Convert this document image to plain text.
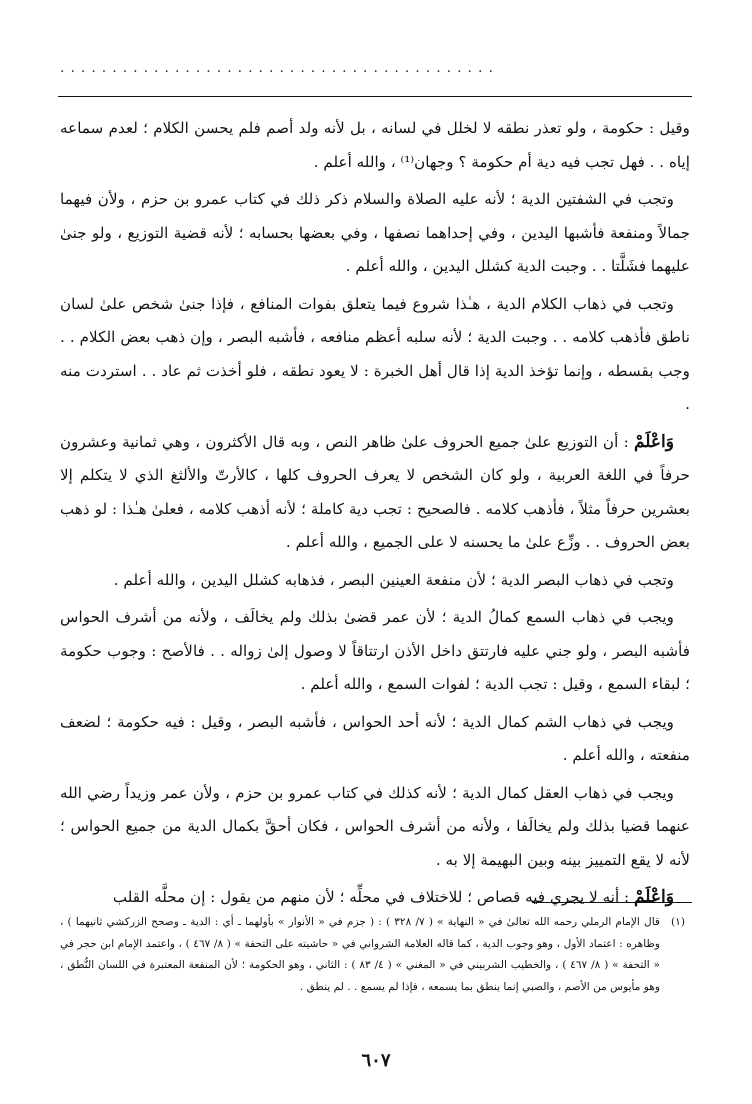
..........................................

وقيل : حكومة ، ولو تعذر نطقه لا لخلل في لسانه ، بل لأنه ولد أصم فلم يحسن الكلام ؛ لعدم سماعه إياه . . فهل تجب فيه دية أم حكومة ؟ وجهان⁽¹⁾ ، والله أعلم .

وتجب في الشفتين الدية ؛ لأنه عليه الصلاة والسلام ذكر ذلك في كتاب عمرو بن حزم ، ولأن فيهما جمالاً ومنفعة فأشبها اليدين ، وفي إحداهما نصفها ، وفي بعضها بحسابه ؛ لأنه قضية التوزيع ، ولو جنىٰ عليهما فشَلَّتا . . وجبت الدية كشلل اليدين ، والله أعلم .

وتجب في ذهاب الكلام الدية ، هـٰذا شروع فيما يتعلق بفوات المنافع ، فإذا جنىٰ شخص علىٰ لسان ناطق فأذهب كلامه . . وجبت الدية ؛ لأنه سلبه أعظم منافعه ، فأشبه البصر ، وإن ذهب بعض الكلام . . وجب بقسطه ، وإنما تؤخذ الدية إذا قال أهل الخبرة : لا يعود نطقه ، فلو أخذت ثم عاد . . استردت منه .

وَاعْلَمْ : أن التوزيع علىٰ جميع الحروف علىٰ ظاهر النص ، وبه قال الأكثرون ، وهي ثمانية وعشرون حرفاً في اللغة العربية ، ولو كان الشخص لا يعرف الحروف كلها ، كالأرتّ والألثغ الذي لا يتكلم إلا بعشرين حرفاً مثلاً ، فأذهب كلامه . فالصحيح : تجب دية كاملة ؛ لأنه أذهب كلامه ، فعلىٰ هـٰذا : لو ذهب بعض الحروف . . وزِّع علىٰ ما يحسنه لا على الجميع ، والله أعلم .

وتجب في ذهاب البصر الدية ؛ لأن منفعة العينين البصر ، فذهابه كشلل اليدين ، والله أعلم .

ويجب في ذهاب السمع كمالُ الدية ؛ لأن عمر قضىٰ بذلك ولم يخالَف ، ولأنه من أشرف الحواس فأشبه البصر ، ولو جني عليه فارتتق داخل الأذن ارتتاقاً لا وصول إلىٰ زواله . . فالأصح : وجوب حكومة ؛ لبقاء السمع ، وقيل : تجب الدية ؛ لفوات السمع ، والله أعلم .

ويجب في ذهاب الشم كمال الدية ؛ لأنه أحد الحواس ، فأشبه البصر ، وقيل : فيه حكومة ؛ لضعف منفعته ، والله أعلم .

ويجب في ذهاب العقل كمال الدية ؛ لأنه كذلك في كتاب عمرو بن حزم ، ولأن عمر وزيداً رضي الله عنهما قضيا بذلك ولم يخالَفا ، ولأنه من أشرف الحواس ، فكان أحقَّ بكمال الدية من جميع الحواس ؛ لأنه لا يقع التمييز بينه وبين البهيمة إلا به .

وَاعْلَمْ : أنه لا يجري فيه قصاص ؛ للاختلاف في محلِّه ؛ لأن منهم من يقول : إن محلَّه القلب

(١)
قال الإمام الرملي رحمه الله تعالىٰ في « النهاية » ( ٧/ ٣٢٨ ) : ( جزم في « الأنوار » بأولهما ـ أي : الدية ـ وصحح الزركشي ثانيهما ) ، وظاهره : اعتماد الأول ، وهو وجوب الدية ، كما قاله العلامة الشرواني في « حاشيته على التحفة » ( ٨/ ٤٦٧ ) ، واعتمد الإمام ابن حجر في « التحفة » ( ٨/ ٤٦٧ ) ، والخطيب الشربيني في « المغني » ( ٤/ ٨٣ ) : الثاني ، وهو الحكومة ؛ لأن المنفعة المعتبرة في اللسان النُّطق ، وهو مأيوس من الأصم ، والصبي إنما ينطق بما يسمعه ، فإذا لم يسمع . . لم ينطق .
٦٠٧
